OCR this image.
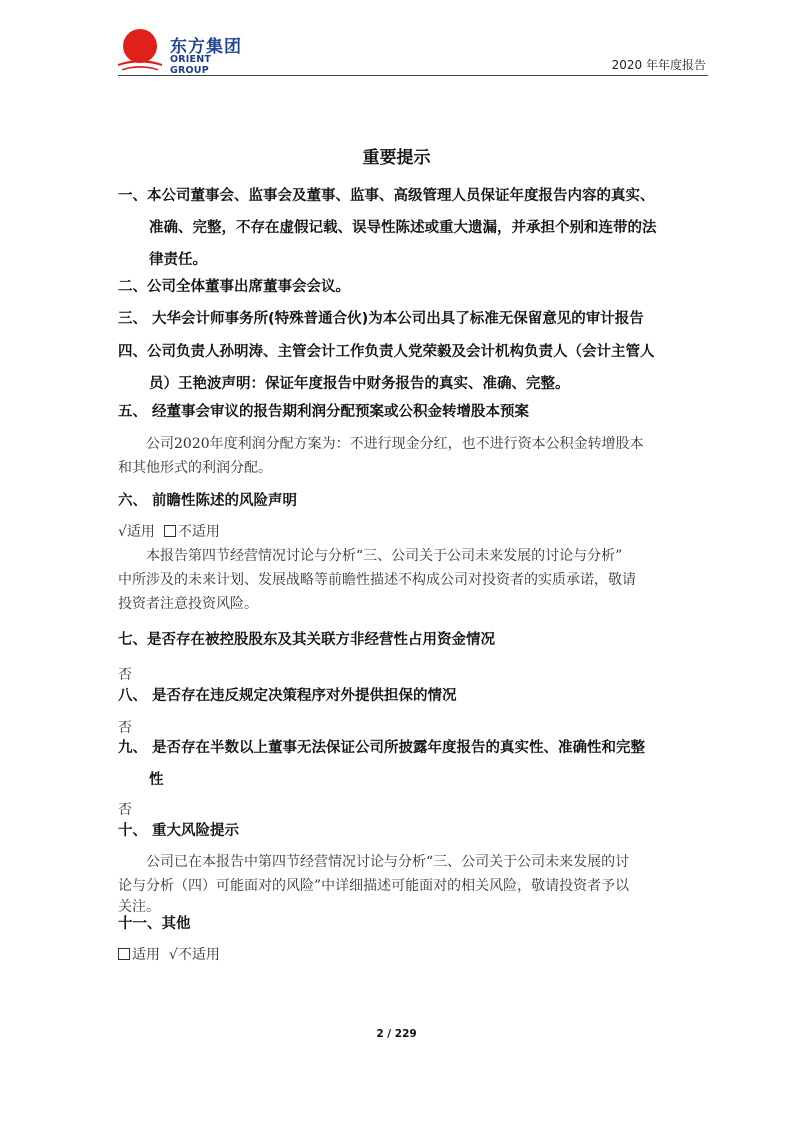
东方集团
ORIENT GROUP	2020 年年度报告
重要提示
一、本公司董事会、监事会及董事、监事、高级管理人员保证年度报告内容的真实、
准确、完整，不存在虚假记载、误导性陈述或重大遗漏，并承担个别和连带的法
律责任。
二、公司全体董事出席董事会会议。
三、 大华会计师事务所(特殊普通合伙)为本公司出具了标准无保留意见的审计报告
四、公司负责人孙明涛、主管会计工作负责人党荣毅及会计机构负责人（会计主管人
员）王艳波声明：保证年度报告中财务报告的真实、准确、完整。
五、 经董事会审议的报告期利润分配预案或公积金转增股本预案
公司2020年度利润分配方案为：不进行现金分红，也不进行资本公积金转增股本
和其他形式的利润分配。
六、 前瞻性陈述的风险声明
√适用 不适用
本报告第四节经营情况讨论与分析“三、公司关于公司未来发展的讨论与分析”
中所涉及的未来计划、发展战略等前瞻性描述不构成公司对投资者的实质承诺，敬请
投资者注意投资风险。
七、是否存在被控股股东及其关联方非经营性占用资金情况
否
八、 是否存在违反规定决策程序对外提供担保的情况
否
九、 是否存在半数以上董事无法保证公司所披露年度报告的真实性、准确性和完整
性
否
十、 重大风险提示
公司已在本报告中第四节经营情况讨论与分析“三、公司关于公司未来发展的讨
论与分析（四）可能面对的风险”中详细描述可能面对的相关风险，敬请投资者予以
关注。
十一、其他
适用 √不适用
2 / 229
